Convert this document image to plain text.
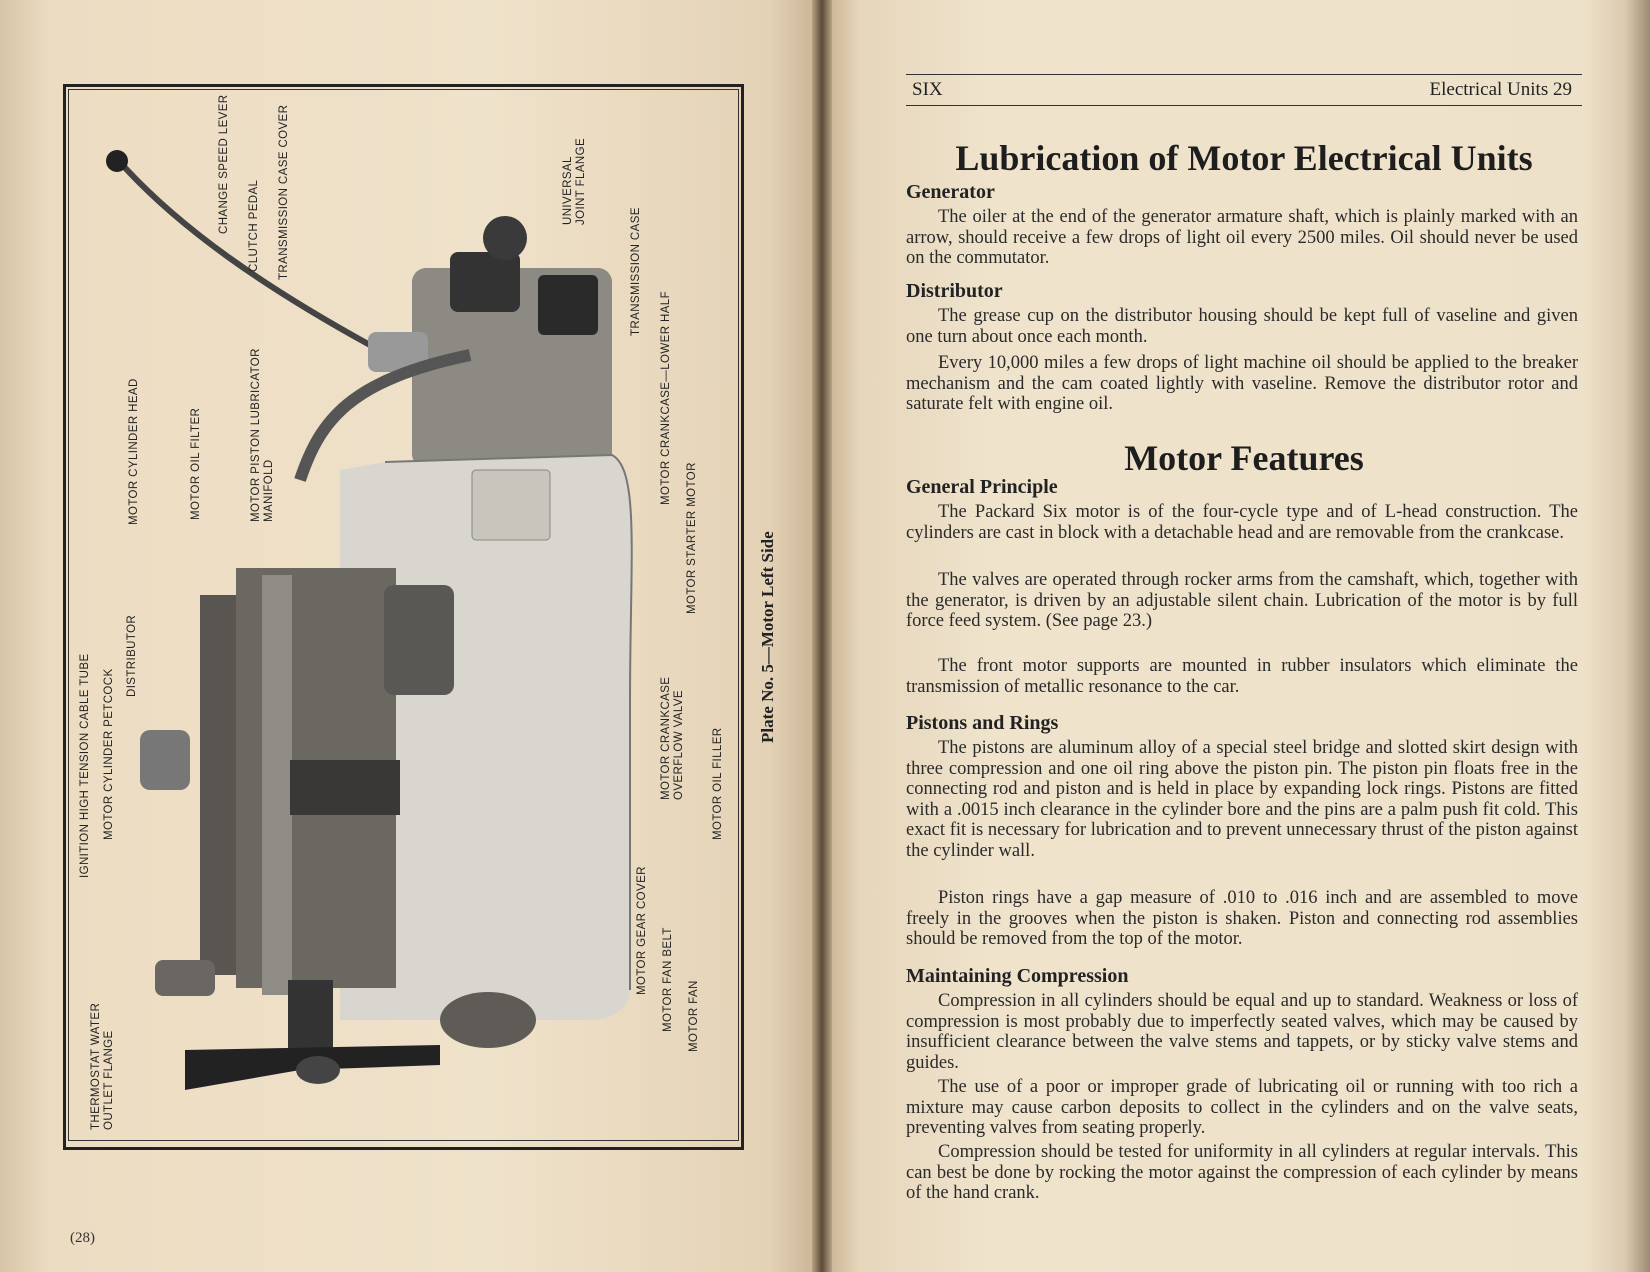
THERMOSTAT WATER
OUTLET FLANGE
IGNITION HIGH TENSION CABLE TUBE MOTOR CYLINDER PETCOCK
DISTRIBUTOR
MOTOR CYLINDER HEAD	MOTOR OIL FILTER	MOTOR PISTON LUBRICATOR
MANIFOLD
CLUTCH PEDAL
CHANGE SPEED LEVER	TRANSMISSION CASE COVER	UNIVERSAL
JOINT FLANGE
TRANSMISSION CASE
MOTOR CRANKCASE—LOWER HALF
MOTOR STARTER MOTOR
MOTOR CRANKCASE
OVERFLOW VALVE
MOTOR OIL FILLER
MOTOR GEAR COVER MOTOR FAN BELT MOTOR FAN
Plate No. 5—Motor Left Side
(28)
SIX	Electrical Units 29
Lubrication of Motor Electrical Units
Generator
The oiler at the end of the generator armature shaft, which is plainly marked with an arrow, should receive a few drops of light oil every 2500 miles. Oil should never be used on the commutator.
Distributor
The grease cup on the distributor housing should be kept full of vaseline and given one turn about once each month.
Every 10,000 miles a few drops of light machine oil should be applied to the breaker mechanism and the cam coated lightly with vaseline. Remove the distributor rotor and saturate felt with engine oil.
Motor Features
General Principle
The Packard Six motor is of the four-cycle type and of L-head construction. The cylinders are cast in block with a detachable head and are removable from the crankcase.
The valves are operated through rocker arms from the camshaft, which, together with the generator, is driven by an adjustable silent chain. Lubrication of the motor is by full force feed system. (See page 23.)
The front motor supports are mounted in rubber insulators which eliminate the transmission of metallic resonance to the car.
Pistons and Rings
The pistons are aluminum alloy of a special steel bridge and slotted skirt design with three compression and one oil ring above the piston pin. The piston pin floats free in the connecting rod and piston and is held in place by expanding lock rings. Pistons are fitted with a .0015 inch clearance in the cylinder bore and the pins are a palm push fit cold. This exact fit is necessary for lubrication and to prevent unnecessary thrust of the piston against the cylinder wall.
Piston rings have a gap measure of .010 to .016 inch and are assembled to move freely in the grooves when the piston is shaken. Piston and connecting rod assemblies should be removed from the top of the motor.
Maintaining Compression
Compression in all cylinders should be equal and up to standard. Weakness or loss of compression is most probably due to imperfectly seated valves, which may be caused by insufficient clearance between the valve stems and tappets, or by sticky valve stems and guides.
The use of a poor or improper grade of lubricating oil or running with too rich a mixture may cause carbon deposits to collect in the cylinders and on the valve seats, preventing valves from seating properly.
Compression should be tested for uniformity in all cylinders at regular intervals. This can best be done by rocking the motor against the compression of each cylinder by means of the hand crank.
